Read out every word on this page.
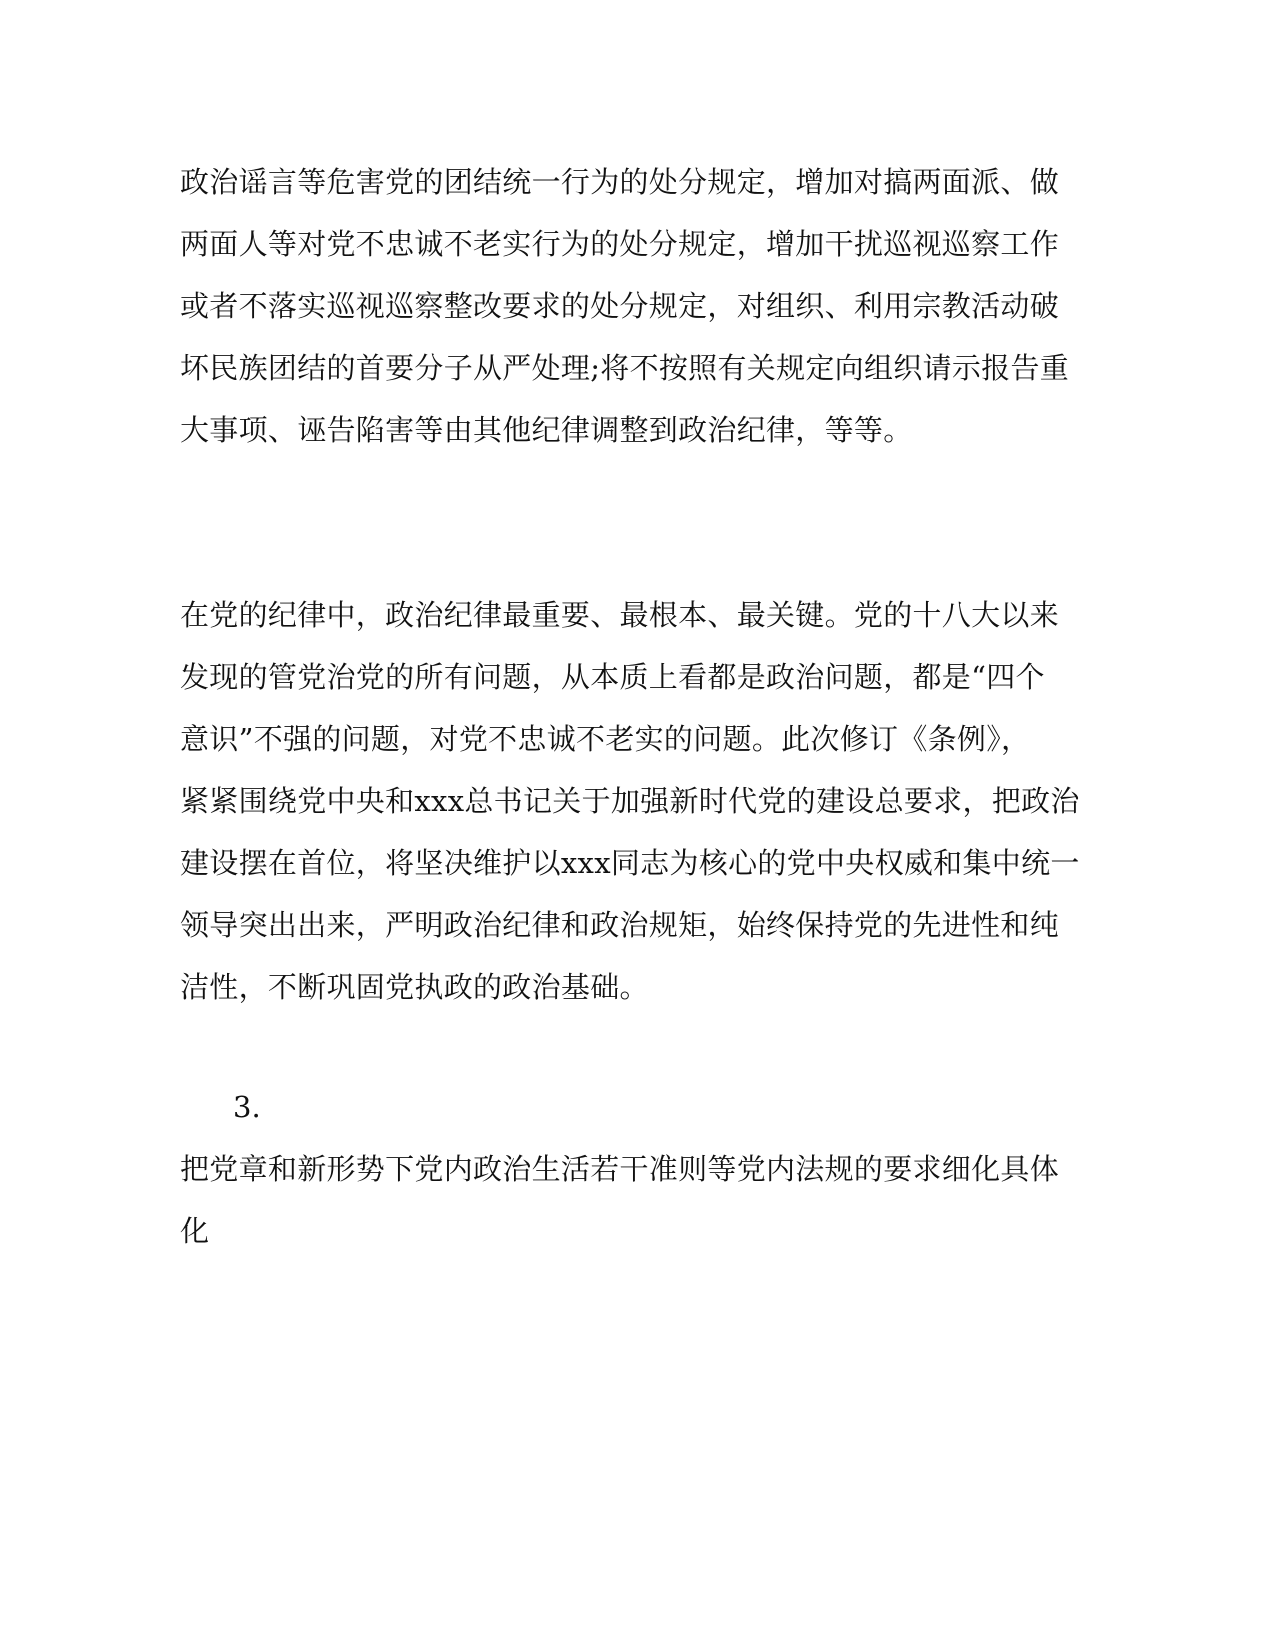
政治谣言等危害党的团结统一行为的处分规定，增加对搞两面派、做
两面人等对党不忠诚不老实行为的处分规定，增加干扰巡视巡察工作
或者不落实巡视巡察整改要求的处分规定，对组织、利用宗教活动破
坏民族团结的首要分子从严处理;将不按照有关规定向组织请示报告重
大事项、诬告陷害等由其他纪律调整到政治纪律，等等。
在党的纪律中，政治纪律最重要、最根本、最关键。党的十八大以来
发现的管党治党的所有问题，从本质上看都是政治问题，都是“四个
意识”不强的问题，对党不忠诚不老实的问题。此次修订《条例》，
紧紧围绕党中央和xxx总书记关于加强新时代党的建设总要求，把政治
建设摆在首位，将坚决维护以xxx同志为核心的党中央权威和集中统一
领导突出出来，严明政治纪律和政治规矩，始终保持党的先进性和纯
洁性，不断巩固党执政的政治基础。
3.
把党章和新形势下党内政治生活若干准则等党内法规的要求细化具体
化
